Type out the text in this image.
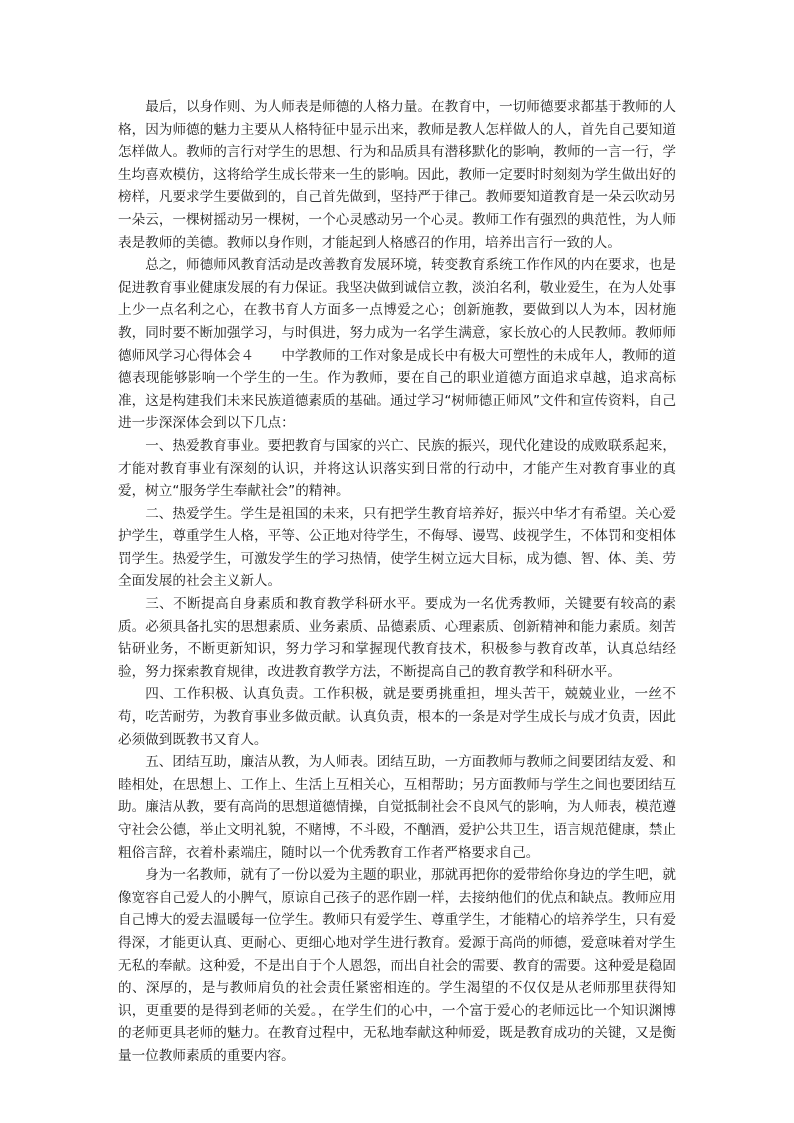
最后，以身作则、为人师表是师德的人格力量。在教育中，一切师德要求都基于教师的人格，因为师德的魅力主要从人格特征中显示出来，教师是教人怎样做人的人，首先自己要知道怎样做人。教师的言行对学生的思想、行为和品质具有潜移默化的影响，教师的一言一行，学生均喜欢模仿，这将给学生成长带来一生的影响。因此，教师一定要时时刻刻为学生做出好的榜样，凡要求学生要做到的，自己首先做到，坚持严于律己。教师要知道教育是一朵云吹动另一朵云，一棵树摇动另一棵树，一个心灵感动另一个心灵。教师工作有强烈的典范性，为人师表是教师的美德。教师以身作则，才能起到人格感召的作用，培养出言行一致的人。

总之，师德师风教育活动是改善教育发展环境，转变教育系统工作作风的内在要求，也是促进教育事业健康发展的有力保证。我坚决做到诚信立教，淡泊名利，敬业爱生，在为人处事上少一点名利之心，在教书育人方面多一点博爱之心；创新施教，要做到以人为本，因材施教，同时要不断加强学习，与时俱进，努力成为一名学生满意，家长放心的人民教师。教师师德师风学习心得体会４　　中学教师的工作对象是成长中有极大可塑性的未成年人，教师的道德表现能够影响一个学生的一生。作为教师，要在自己的职业道德方面追求卓越，追求高标准，这是构建我们未来民族道德素质的基础。通过学习“树师德正师风”文件和宣传资料，自己进一步深深体会到以下几点：

一、热爱教育事业。要把教育与国家的兴亡、民族的振兴，现代化建设的成败联系起来，才能对教育事业有深刻的认识，并将这认识落实到日常的行动中，才能产生对教育事业的真爱，树立“服务学生奉献社会”的精神。

二、热爱学生。学生是祖国的未来，只有把学生教育培养好，振兴中华才有希望。关心爱护学生，尊重学生人格，平等、公正地对待学生，不侮辱、谩骂、歧视学生，不体罚和变相体罚学生。热爱学生，可激发学生的学习热情，使学生树立远大目标，成为德、智、体、美、劳全面发展的社会主义新人。

三、不断提高自身素质和教育教学科研水平。要成为一名优秀教师，关键要有较高的素质。必须具备扎实的思想素质、业务素质、品德素质、心理素质、创新精神和能力素质。刻苦钻研业务，不断更新知识，努力学习和掌握现代教育技术，积极参与教育改革，认真总结经验，努力探索教育规律，改进教育教学方法，不断提高自己的教育教学和科研水平。

四、工作积极、认真负责。工作积极，就是要勇挑重担，埋头苦干，兢兢业业，一丝不苟，吃苦耐劳，为教育事业多做贡献。认真负责，根本的一条是对学生成长与成才负责，因此必须做到既教书又育人。

五、团结互助，廉洁从教，为人师表。团结互助，一方面教师与教师之间要团结友爱、和睦相处，在思想上、工作上、生活上互相关心，互相帮助；另方面教师与学生之间也要团结互助。廉洁从教，要有高尚的思想道德情操，自觉抵制社会不良风气的影响，为人师表，模范遵守社会公德，举止文明礼貌，不赌博，不斗殴，不酗酒，爱护公共卫生，语言规范健康，禁止粗俗言辞，衣着朴素端庄，随时以一个优秀教育工作者严格要求自己。

身为一名教师，就有了一份以爱为主题的职业，那就再把你的爱带给你身边的学生吧，就像宽容自己爱人的小脾气，原谅自己孩子的恶作剧一样，去接纳他们的优点和缺点。教师应用自己博大的爱去温暖每一位学生。教师只有爱学生、尊重学生，才能精心的培养学生，只有爱得深，才能更认真、更耐心、更细心地对学生进行教育。爱源于高尚的师德，爱意味着对学生无私的奉献。这种爱，不是出自于个人恩怨，而出自社会的需要、教育的需要。这种爱是稳固的、深厚的，是与教师肩负的社会责任紧密相连的。学生渴望的不仅仅是从老师那里获得知识，更重要的是得到老师的关爱。，在学生们的心中，一个富于爱心的老师远比一个知识渊博的老师更具老师的魅力。在教育过程中，无私地奉献这种师爱，既是教育成功的关键，又是衡量一位教师素质的重要内容。
